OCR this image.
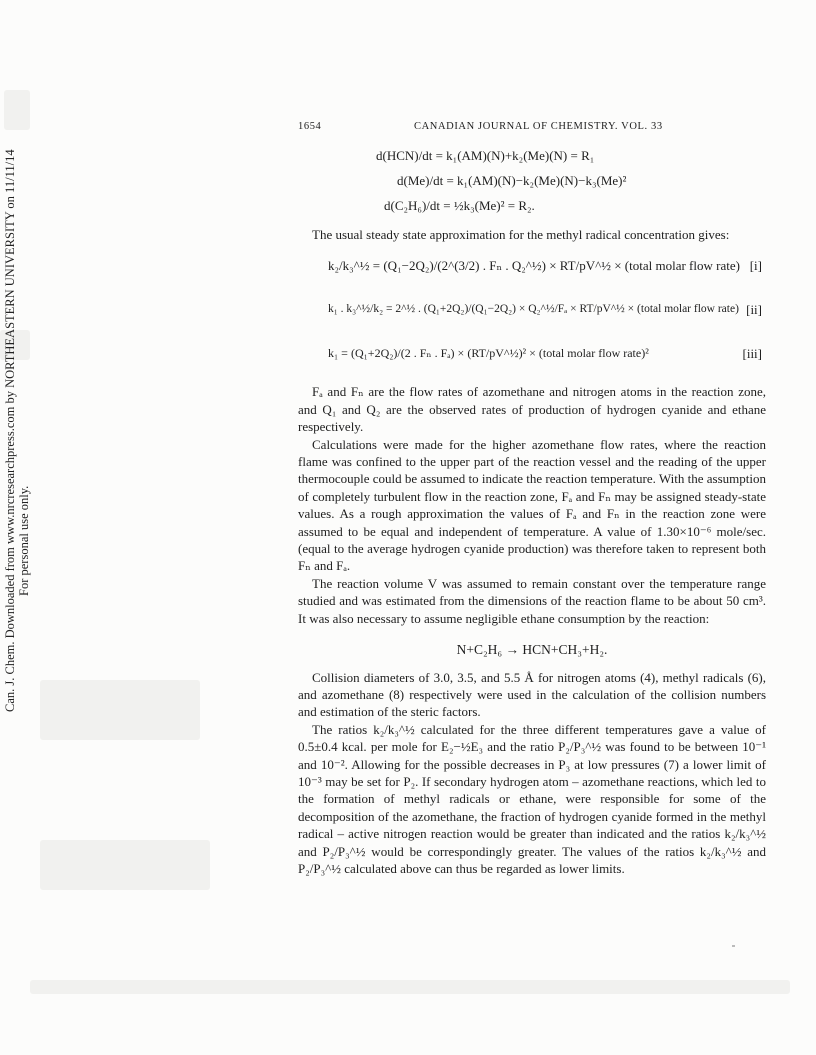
Can. J. Chem. Downloaded from www.nrcresearchpress.com by NORTHEASTERN UNIVERSITY on 11/11/14 For personal use only.
1654	CANADIAN JOURNAL OF CHEMISTRY. VOL. 33
d(HCN)/dt = k₁(AM)(N)+k₂(Me)(N) = R₁
d(Me)/dt = k₁(AM)(N)−k₂(Me)(N)−k₃(Me)²
d(C₂H₆)/dt = ½k₃(Me)² = R₂.

The usual steady state approximation for the methyl radical concentration gives:

k₂/k₃^½ = (Q₁−2Q₂)/(2^(3/2) . Fₙ . Q₂^½) × RT/pV^½ × (total molar flow rate) [i]
k₁ . k₃^½/k₂ = 2^½ . (Q₁+2Q₂)/(Q₁−2Q₂) × Q₂^½/Fₐ × RT/pV^½ × (total molar flow rate) [ii]
k₁ = (Q₁+2Q₂)/(2 . Fₙ . Fₐ) × (RT/pV^½)² × (total molar flow rate)²	[iii]

Fₐ and Fₙ are the flow rates of azomethane and nitrogen atoms in the reaction zone, and Q₁ and Q₂ are the observed rates of production of hydrogen cyanide and ethane respectively.

Calculations were made for the higher azomethane flow rates, where the reaction flame was confined to the upper part of the reaction vessel and the reading of the upper thermocouple could be assumed to indicate the reaction temperature. With the assumption of completely turbulent flow in the reaction zone, Fₐ and Fₙ may be assigned steady-state values. As a rough approximation the values of Fₐ and Fₙ in the reaction zone were assumed to be equal and independent of temperature. A value of 1.30×10⁻⁶ mole/sec. (equal to the average hydrogen cyanide production) was therefore taken to represent both Fₙ and Fₐ.

The reaction volume V was assumed to remain constant over the temperature range studied and was estimated from the dimensions of the reaction flame to be about 50 cm³. It was also necessary to assume negligible ethane consumption by the reaction:

N+C₂H₆ → HCN+CH₃+H₂.

Collision diameters of 3.0, 3.5, and 5.5 Å for nitrogen atoms (4), methyl radicals (6), and azomethane (8) respectively were used in the calculation of the collision numbers and estimation of the steric factors.

The ratios k₂/k₃^½ calculated for the three different temperatures gave a value of 0.5±0.4 kcal. per mole for E₂−½E₃ and the ratio P₂/P₃^½ was found to be between 10⁻¹ and 10⁻². Allowing for the possible decreases in P₃ at low pressures (7) a lower limit of 10⁻³ may be set for P₂. If secondary hydrogen atom – azomethane reactions, which led to the formation of methyl radicals or ethane, were responsible for some of the decomposition of the azomethane, the fraction of hydrogen cyanide formed in the methyl radical – active nitrogen reaction would be greater than indicated and the ratios k₂/k₃^½ and P₂/P₃^½ would be correspondingly greater. The values of the ratios k₂/k₃^½ and P₂/P₃^½ calculated above can thus be regarded as lower limits.
